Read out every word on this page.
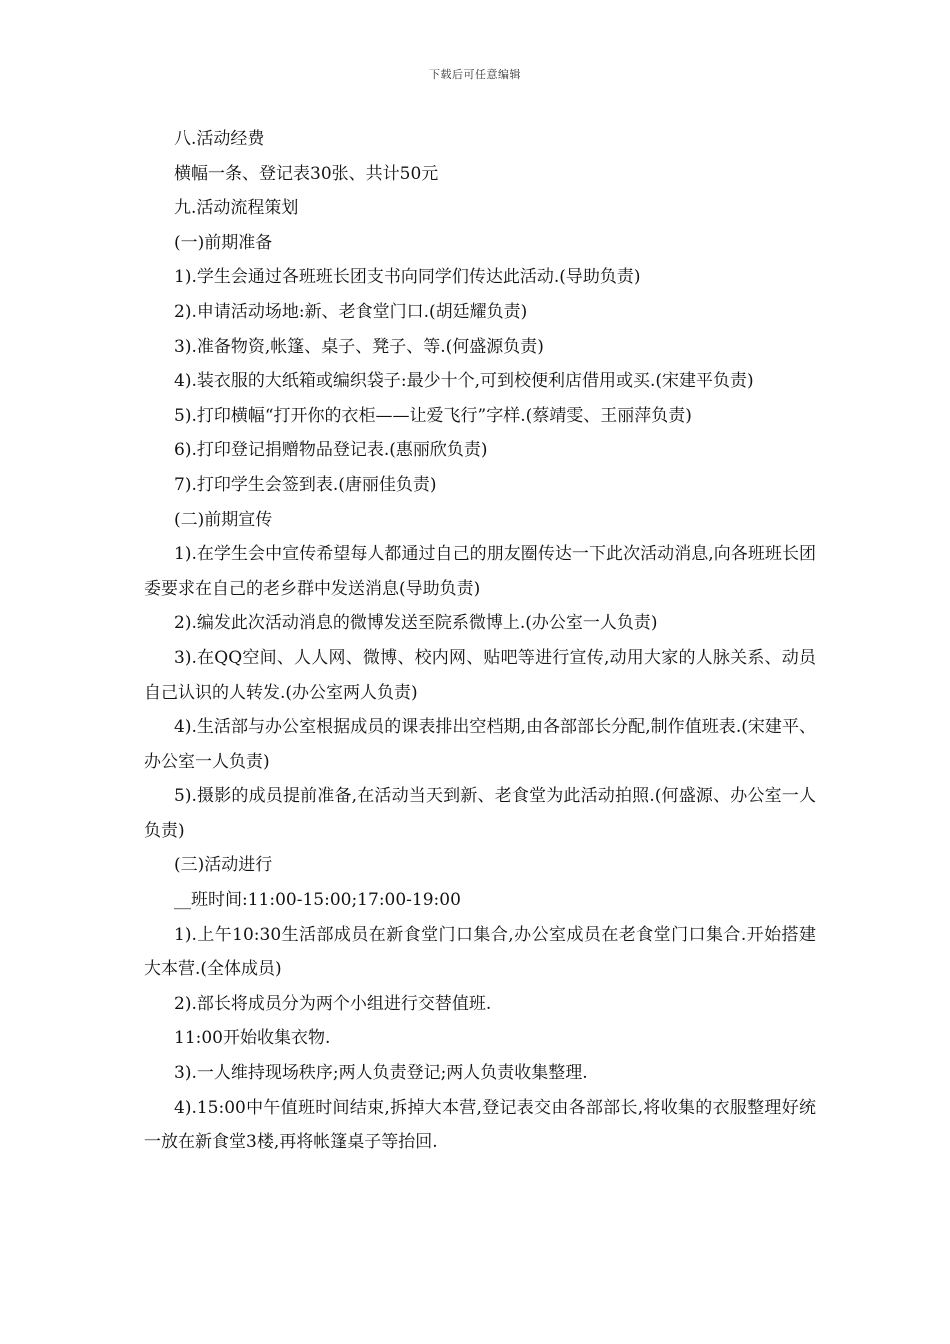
下载后可任意编辑

八.活动经费

横幅一条、登记表30张、共计50元

九.活动流程策划

(一)前期准备

1).学生会通过各班班长团支书向同学们传达此活动.(导助负责)

2).申请活动场地:新、老食堂门口.(胡廷耀负责)

3).准备物资,帐篷、桌子、凳子、等.(何盛源负责)

4).装衣服的大纸箱或编织袋子:最少十个,可到校便利店借用或买.(宋建平负责)

5).打印横幅“打开你的衣柜——让爱飞行”字样.(蔡靖雯、王丽萍负责)

6).打印登记捐赠物品登记表.(惠丽欣负责)

7).打印学生会签到表.(唐丽佳负责)

(二)前期宣传

1).在学生会中宣传希望每人都通过自己的朋友圈传达一下此次活动消息,向各班班长团委要求在自己的老乡群中发送消息(导助负责)

2).编发此次活动消息的微博发送至院系微博上.(办公室一人负责)

3).在QQ空间、人人网、微博、校内网、贴吧等进行宣传,动用大家的人脉关系、动员自己认识的人转发.(办公室两人负责)

4).生活部与办公室根据成员的课表排出空档期,由各部部长分配,制作值班表.(宋建平、办公室一人负责)

5).摄影的成员提前准备,在活动当天到新、老食堂为此活动拍照.(何盛源、办公室一人负责)

(三)活动进行

__班时间:11:00-15:00;17:00-19:00

1).上午10:30生活部成员在新食堂门口集合,办公室成员在老食堂门口集合.开始搭建大本营.(全体成员)

2).部长将成员分为两个小组进行交替值班.

11:00开始收集衣物.

3).一人维持现场秩序;两人负责登记;两人负责收集整理.

4).15:00中午值班时间结束,拆掉大本营,登记表交由各部部长,将收集的衣服整理好统一放在新食堂3楼,再将帐篷桌子等抬回.
